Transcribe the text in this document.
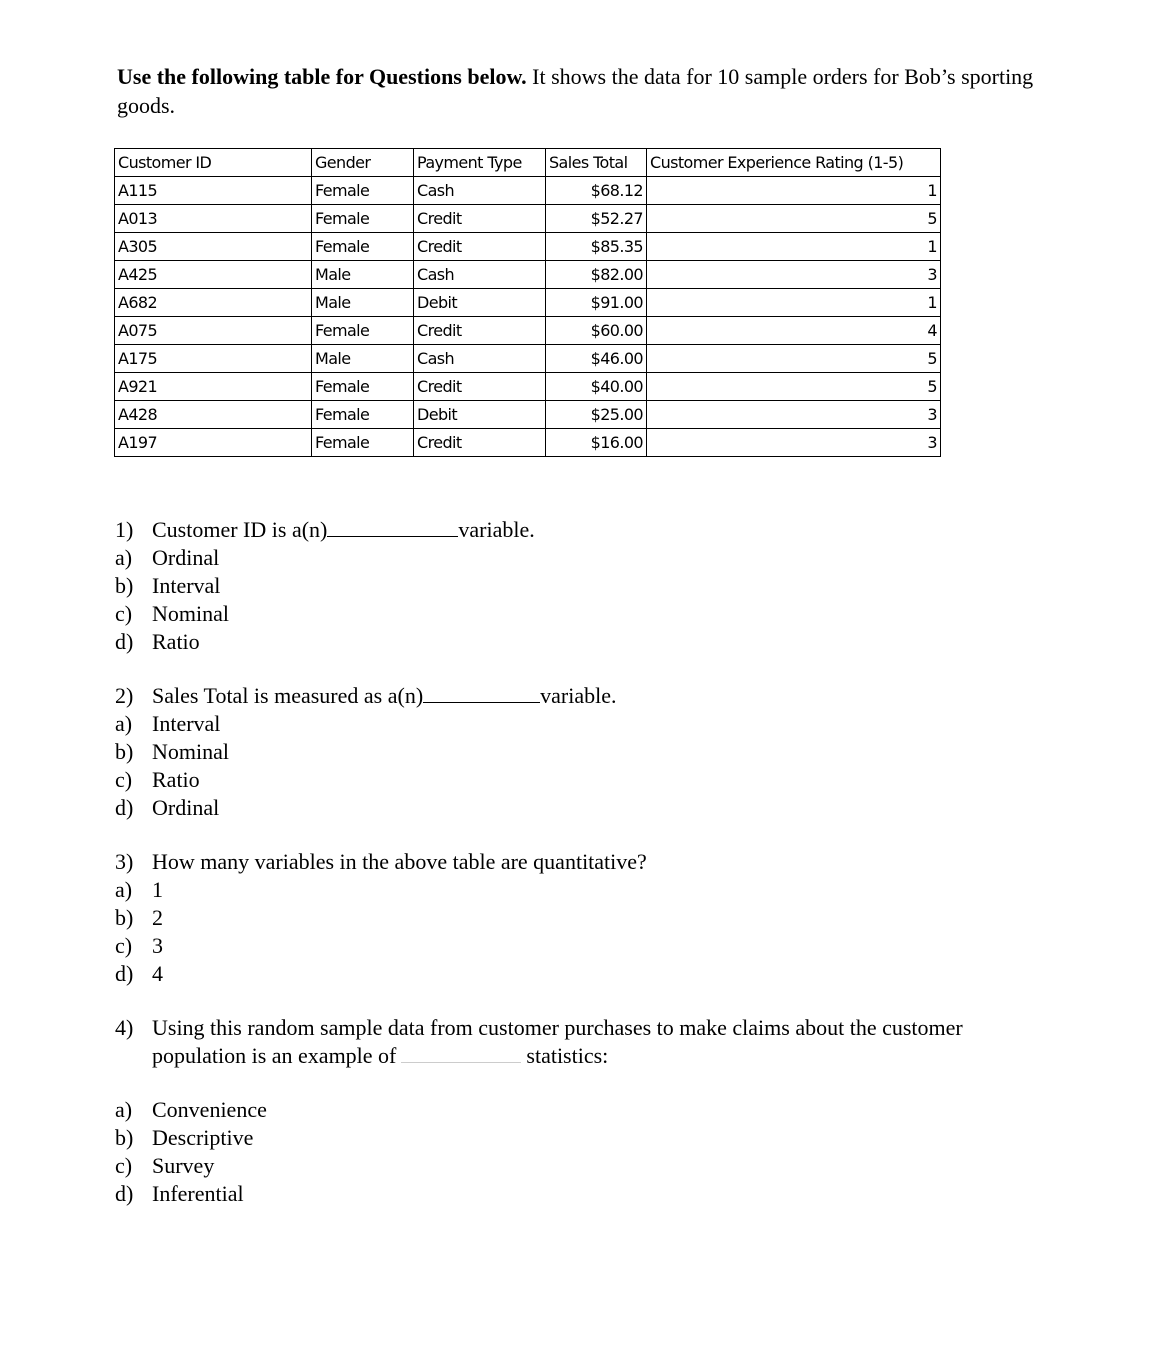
Use the following table for Questions below. It shows the data for 10 sample orders for Bob’s sporting goods.
Customer ID	Gender	Payment Type	Sales Total	Customer Experience Rating (1-5)
A115	Female	Cash	$68.12	1
A013	Female	Credit	$52.27	5
A305	Female	Credit	$85.35	1
A425	Male	Cash	$82.00	3
A682	Male	Debit	$91.00	1
A075	Female	Credit	$60.00	4
A175	Male	Cash	$46.00	5
A921	Female	Credit	$40.00	5
A428	Female	Debit	$25.00	3
A197	Female	Credit	$16.00	3
1) Customer ID is a(n)	variable.
a) Ordinal
b) Interval
c) Nominal
d) Ratio
2) Sales Total is measured as a(n)	variable.
a) Interval
b) Nominal
c) Ratio
d) Ordinal
3) How many variables in the above table are quantitative?
a) 1
b) 2
c) 3
d) 4
4) Using this random sample data from customer purchases to make claims about the customer
population is an example of	statistics:
a) Convenience
b) Descriptive
c) Survey
d) Inferential
